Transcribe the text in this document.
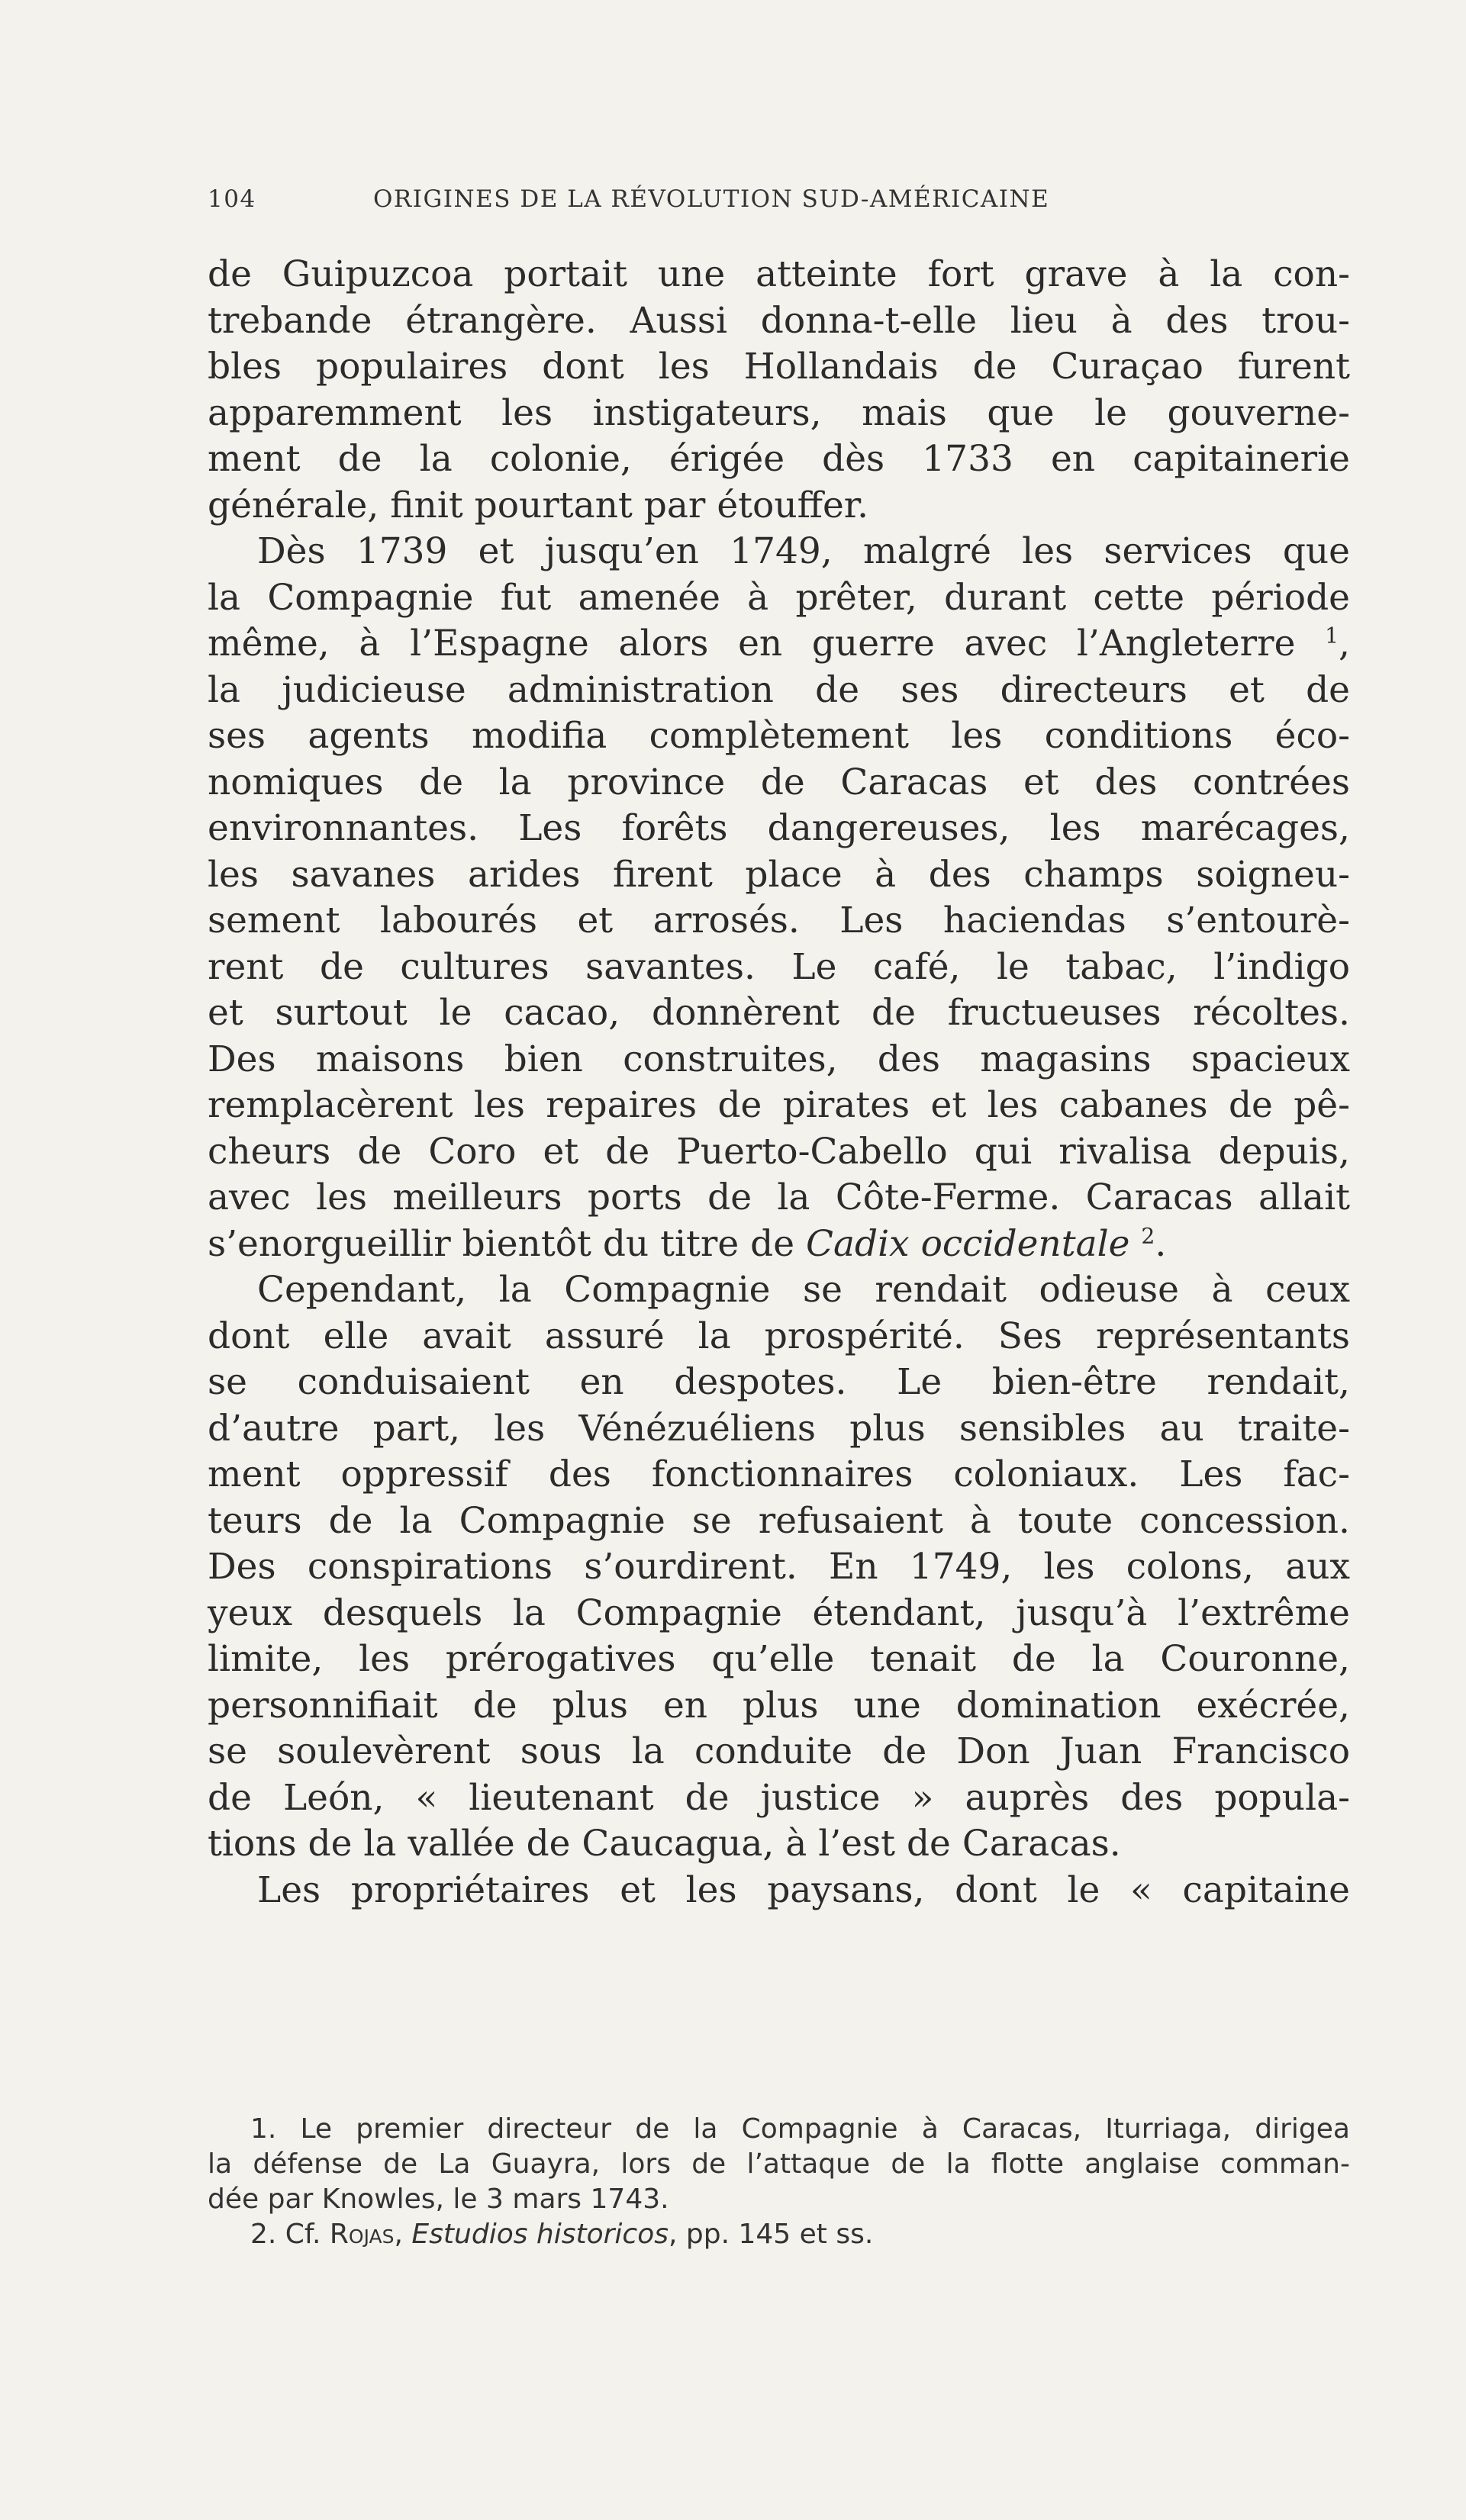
104	ORIGINES DE LA RÉVOLUTION SUD-AMÉRICAINE
de Guipuzcoa portait une atteinte fort grave à la con-
trebande étrangère. Aussi donna-t-elle lieu à des trou-
bles populaires dont les Hollandais de Curaçao furent
apparemment les instigateurs, mais que le gouverne-
ment de la colonie, érigée dès 1733 en capitainerie
générale, finit pourtant par étouffer.
Dès 1739 et jusqu’en 1749, malgré les services que
la Compagnie fut amenée à prêter, durant cette période
même, à l’Espagne alors en guerre avec l’Angleterre $^1$,
la judicieuse administration de ses directeurs et de
ses agents modifia complètement les conditions éco-
nomiques de la province de Caracas et des contrées
environnantes. Les forêts dangereuses, les marécages,
les savanes arides firent place à des champs soigneu-
sement labourés et arrosés. Les haciendas s’entourè-
rent de cultures savantes. Le café, le tabac, l’indigo
et surtout le cacao, donnèrent de fructueuses récoltes.
Des maisons bien construites, des magasins spacieux
remplacèrent les repaires de pirates et les cabanes de pê-
cheurs de Coro et de Puerto-Cabello qui rivalisa depuis,
avec les meilleurs ports de la Côte-Ferme. Caracas allait
s’enorgueillir bientôt du titre de Cadix occidentale $^2$.
Cependant, la Compagnie se rendait odieuse à ceux
dont elle avait assuré la prospérité. Ses représentants
se conduisaient en despotes. Le bien-être rendait,
d’autre part, les Vénézuéliens plus sensibles au traite-
ment oppressif des fonctionnaires coloniaux. Les fac-
teurs de la Compagnie se refusaient à toute concession.
Des conspirations s’ourdirent. En 1749, les colons, aux
yeux desquels la Compagnie étendant, jusqu’à l’extrême
limite, les prérogatives qu’elle tenait de la Couronne,
personnifiait de plus en plus une domination exécrée,
se soulevèrent sous la conduite de Don Juan Francisco
de León, « lieutenant de justice » auprès des popula-
tions de la vallée de Caucagua, à l’est de Caracas.
Les propriétaires et les paysans, dont le « capitaine
1. Le premier directeur de la Compagnie à Caracas, Iturriaga, dirigea
la défense de La Guayra, lors de l’attaque de la flotte anglaise comman-
dée par Knowles, le 3 mars 1743.
2. Cf. Rojas, Estudios historicos, pp. 145 et ss.
